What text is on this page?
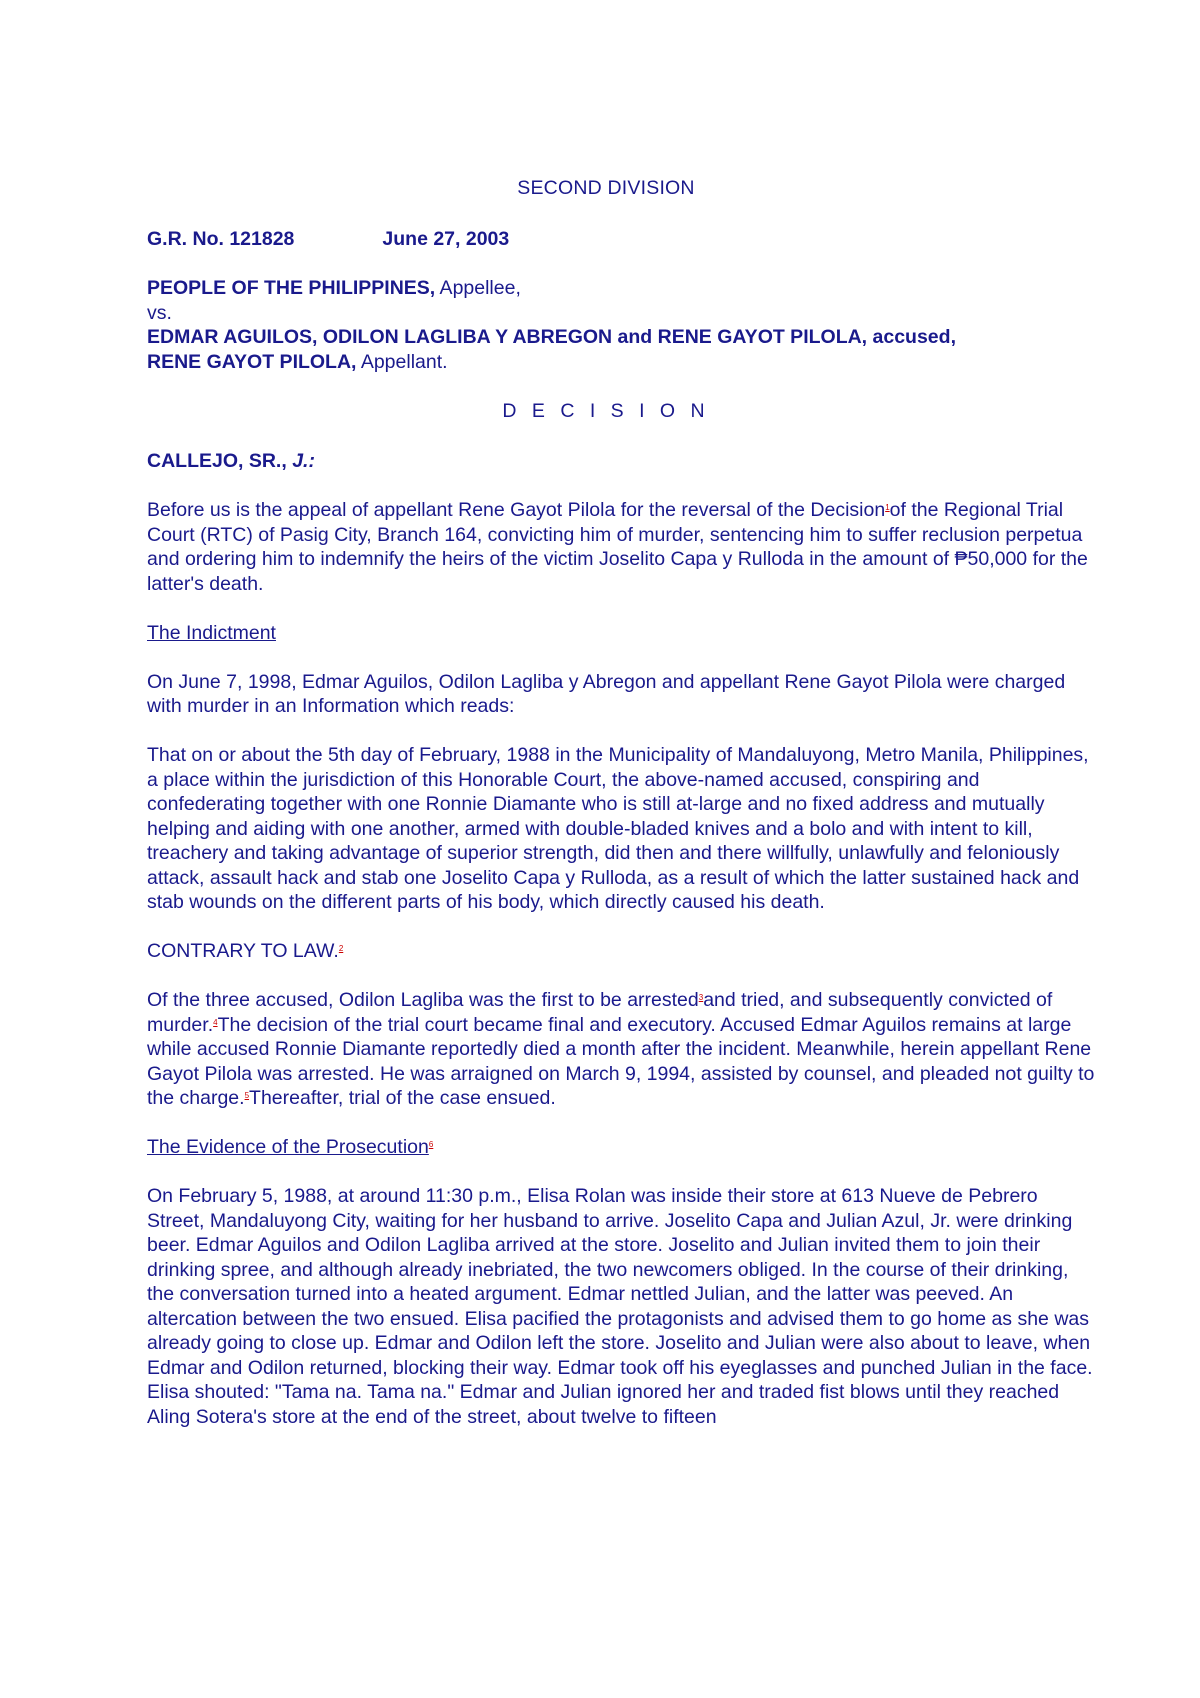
SECOND DIVISION
G.R. No. 121828	June 27, 2003
PEOPLE OF THE PHILIPPINES, Appellee,
vs.
EDMAR AGUILOS, ODILON LAGLIBA Y ABREGON and RENE GAYOT PILOLA, accused,
RENE GAYOT PILOLA, Appellant.
D E C I S I O N
CALLEJO, SR., J.:

Before us is the appeal of appellant Rene Gayot Pilola for the reversal of the Decision$^1$of the Regional Trial Court (RTC) of Pasig City, Branch 164, convicting him of murder, sentencing him to suffer reclusion perpetua and ordering him to indemnify the heirs of the victim Joselito Capa y Rulloda in the amount of ₱50,000 for the latter's death.

The Indictment

On June 7, 1998, Edmar Aguilos, Odilon Lagliba y Abregon and appellant Rene Gayot Pilola were charged with murder in an Information which reads:

That on or about the 5th day of February, 1988 in the Municipality of Mandaluyong, Metro Manila, Philippines, a place within the jurisdiction of this Honorable Court, the above-named accused, conspiring and confederating together with one Ronnie Diamante who is still at-large and no fixed address and mutually helping and aiding with one another, armed with double-bladed knives and a bolo and with intent to kill, treachery and taking advantage of superior strength, did then and there willfully, unlawfully and feloniously attack, assault hack and stab one Joselito Capa y Rulloda, as a result of which the latter sustained hack and stab wounds on the different parts of his body, which directly caused his death.

CONTRARY TO LAW.$^2$

Of the three accused, Odilon Lagliba was the first to be arrested$^3$and tried, and subsequently convicted of murder.$^4$The decision of the trial court became final and executory. Accused Edmar Aguilos remains at large while accused Ronnie Diamante reportedly died a month after the incident. Meanwhile, herein appellant Rene Gayot Pilola was arrested. He was arraigned on March 9, 1994, assisted by counsel, and pleaded not guilty to the charge.$^5$Thereafter, trial of the case ensued.

The Evidence of the Prosecution$^6$

On February 5, 1988, at around 11:30 p.m., Elisa Rolan was inside their store at 613 Nueve de Pebrero Street, Mandaluyong City, waiting for her husband to arrive. Joselito Capa and Julian Azul, Jr. were drinking beer. Edmar Aguilos and Odilon Lagliba arrived at the store. Joselito and Julian invited them to join their drinking spree, and although already inebriated, the two newcomers obliged. In the course of their drinking, the conversation turned into a heated argument. Edmar nettled Julian, and the latter was peeved. An altercation between the two ensued. Elisa pacified the protagonists and advised them to go home as she was already going to close up. Edmar and Odilon left the store. Joselito and Julian were also about to leave, when Edmar and Odilon returned, blocking their way. Edmar took off his eyeglasses and punched Julian in the face. Elisa shouted: "Tama na. Tama na." Edmar and Julian ignored her and traded fist blows until they reached Aling Sotera's store at the end of the street, about twelve to fifteen
